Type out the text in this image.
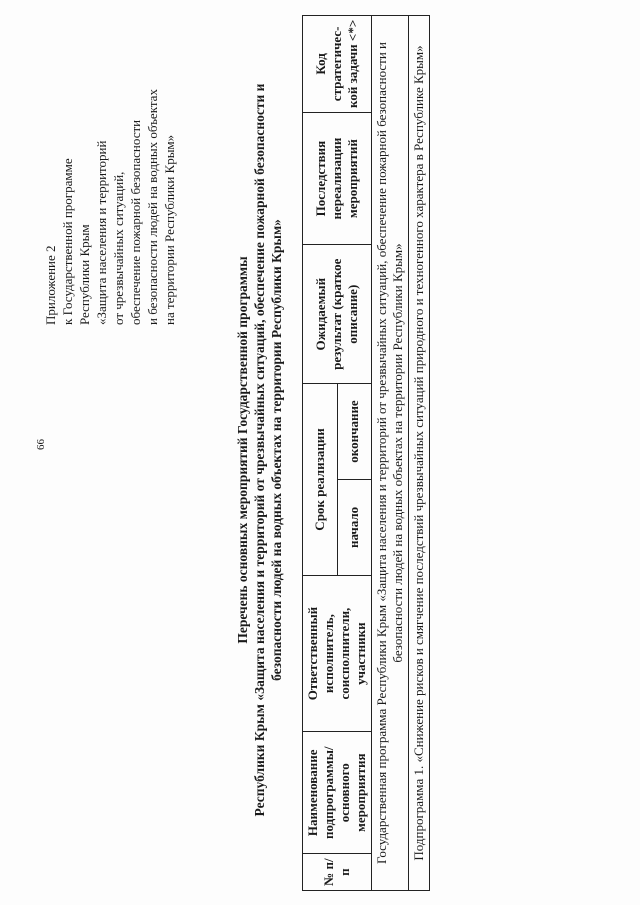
66
Приложение 2 к Государственной программе Республики Крым «Защита населения и территорий от чрезвычайных ситуаций, обеспечение пожарной безопасности и безопасности людей на водных объектах на территории Республики Крым»
Перечень основных мероприятий Государственной программы Республики Крым «Защита населения и территорий от чрезвычайных ситуаций, обеспечение пожарной безопасности и безопасности людей на водных объектах на территории Республики Крым»
№ п/п	Наименование подпрограммы/ основного мероприятия	Ответственный исполнитель, соисполнители, участники	Срок реализации		Ожидаемый результат (краткое описание)	Последствия нереализации мероприятий	Код стратегичес-кой задачи <*>
			начало	окончание			
Государственная программа Республики Крым «Защита населения и территорий от чрезвычайных ситуаций, обеспечение пожарной безопасности и безопасности людей на водных объектах на территории Республики Крым»							
Подпрограмма 1. «Снижение рисков и смягчение последствий чрезвычайных ситуаций природного и техногенного характера в Республике Крым»							
